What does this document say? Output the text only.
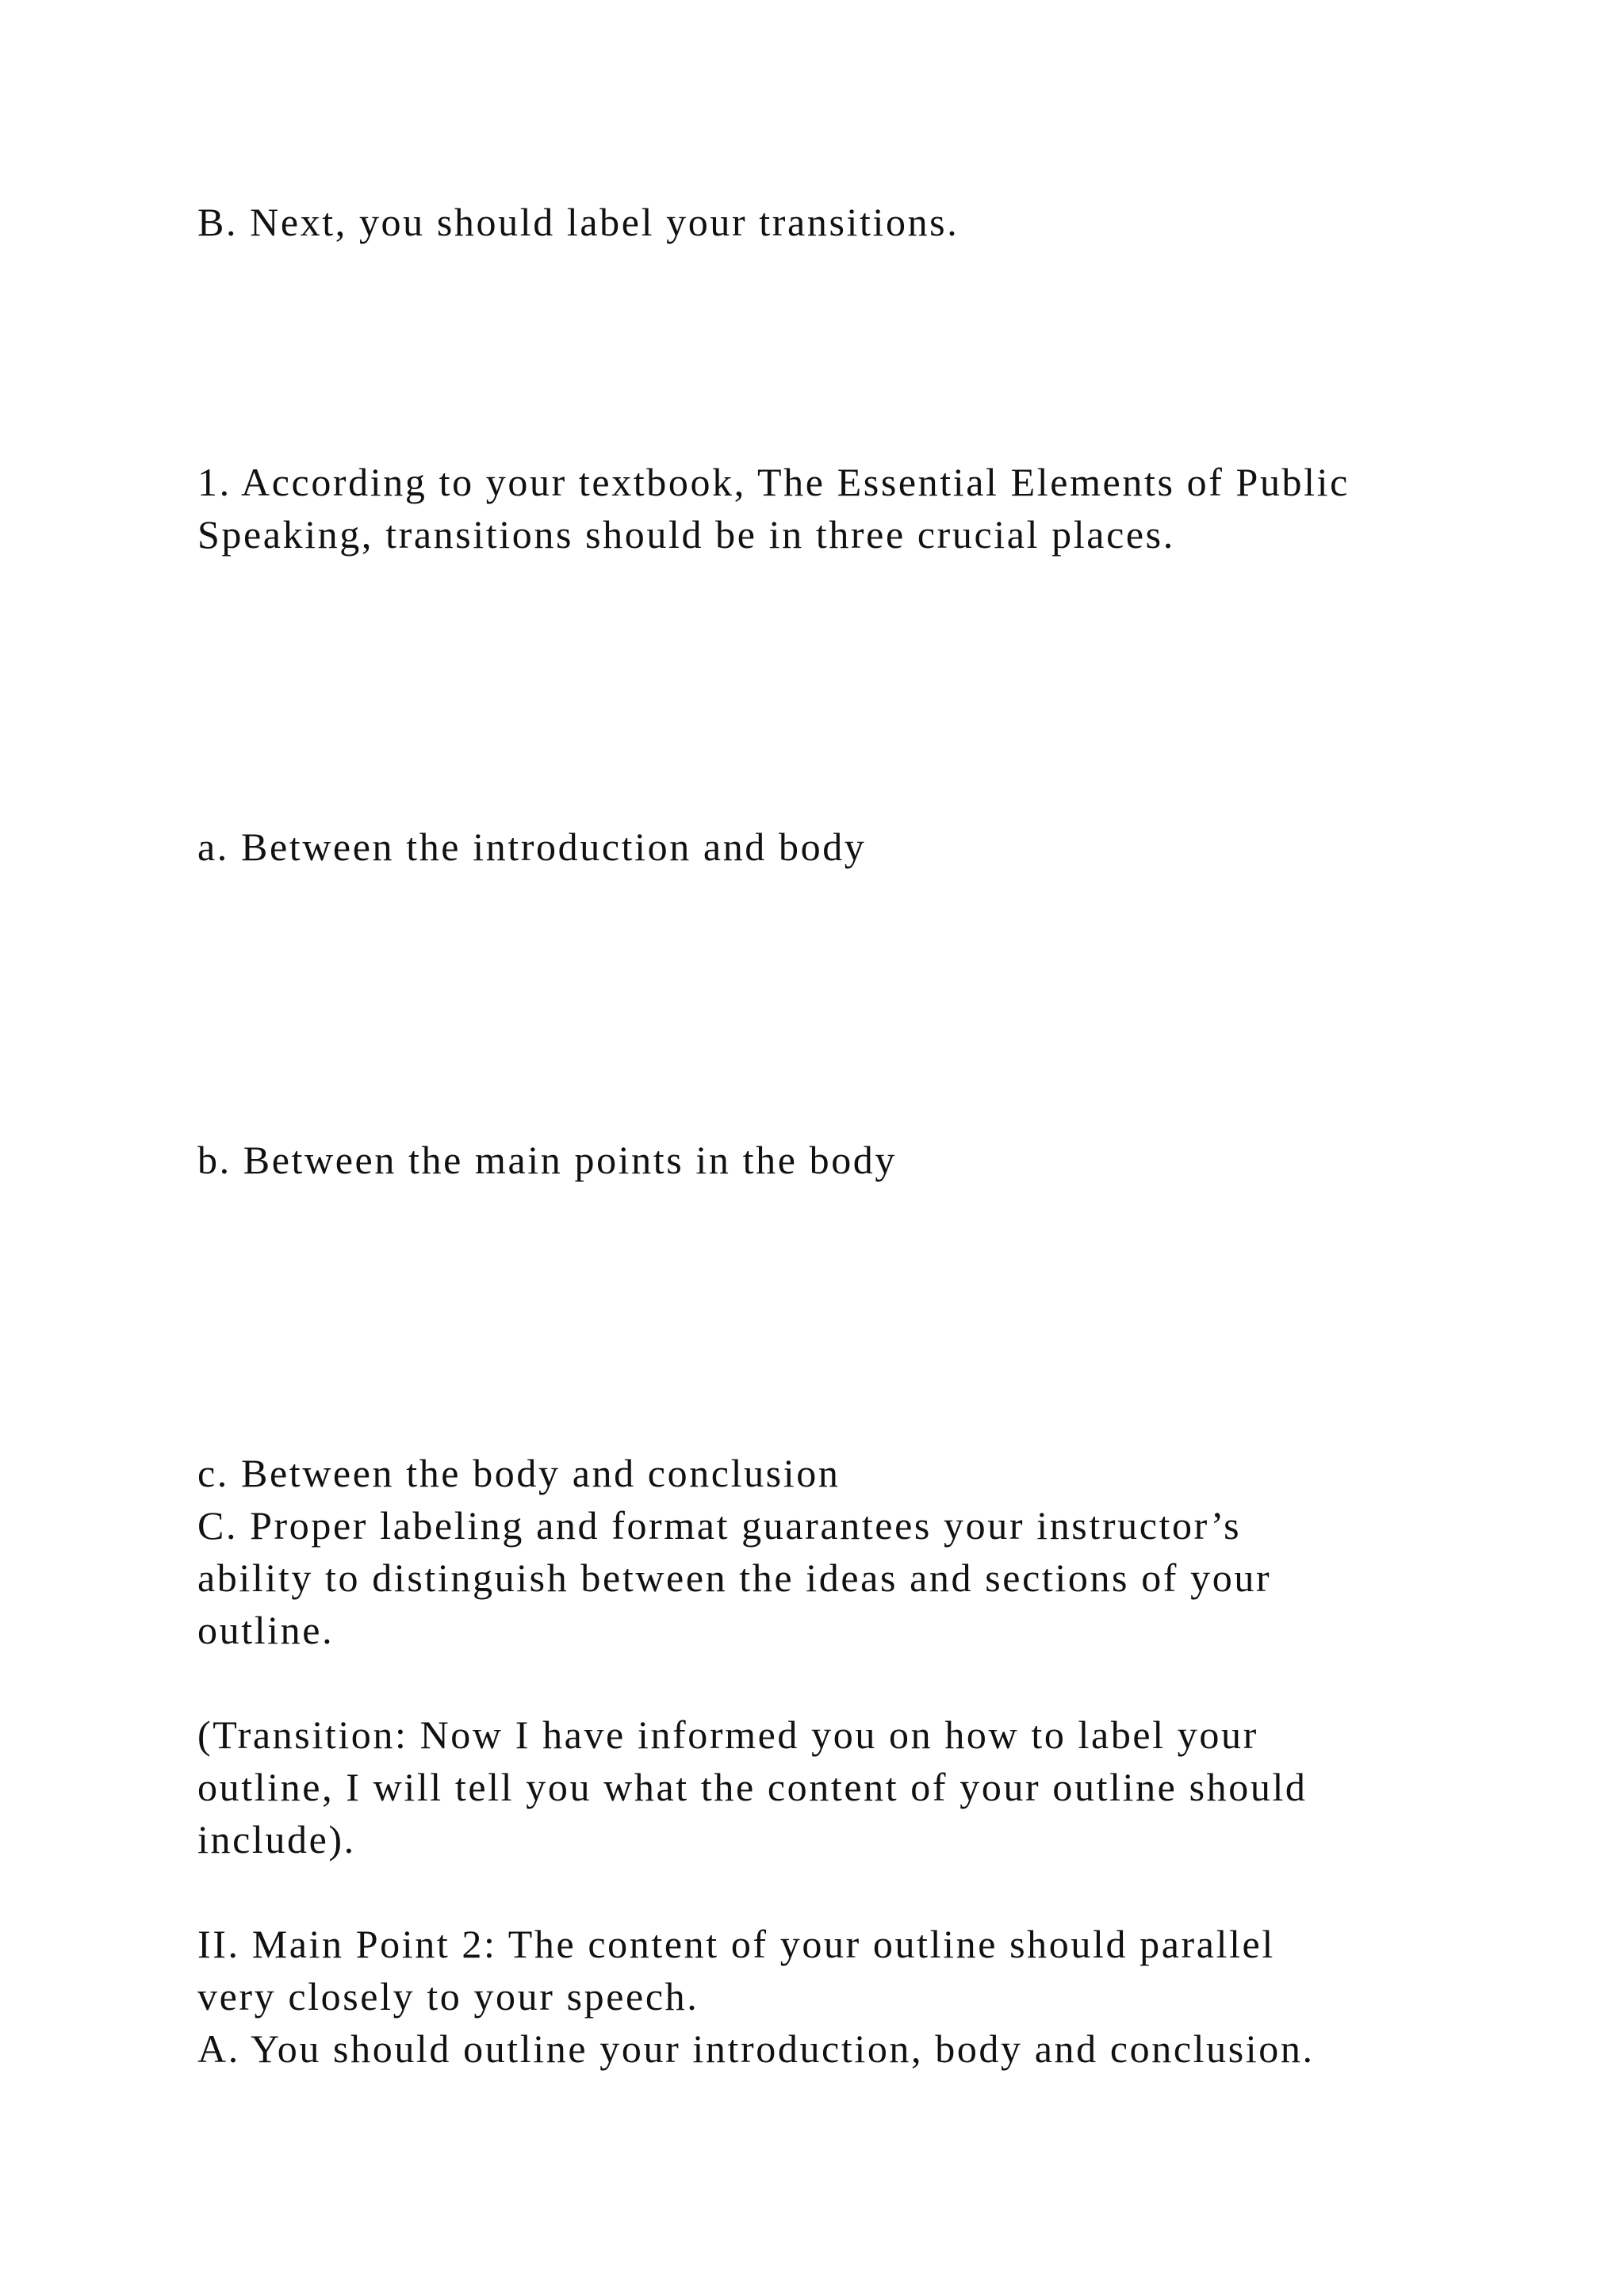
B. Next, you should label your transitions.

1. According to your textbook, The Essential Elements of Public

Speaking, transitions should be in three crucial places.

a. Between the introduction and body

b. Between the main points in the body

c. Between the body and conclusion

C. Proper labeling and format guarantees your instructor’s

ability to distinguish between the ideas and sections of your

outline.

(Transition: Now I have informed you on how to label your

outline, I will tell you what the content of your outline should

include).

II. Main Point 2: The content of your outline should parallel

very closely to your speech.

A. You should outline your introduction, body and conclusion.
